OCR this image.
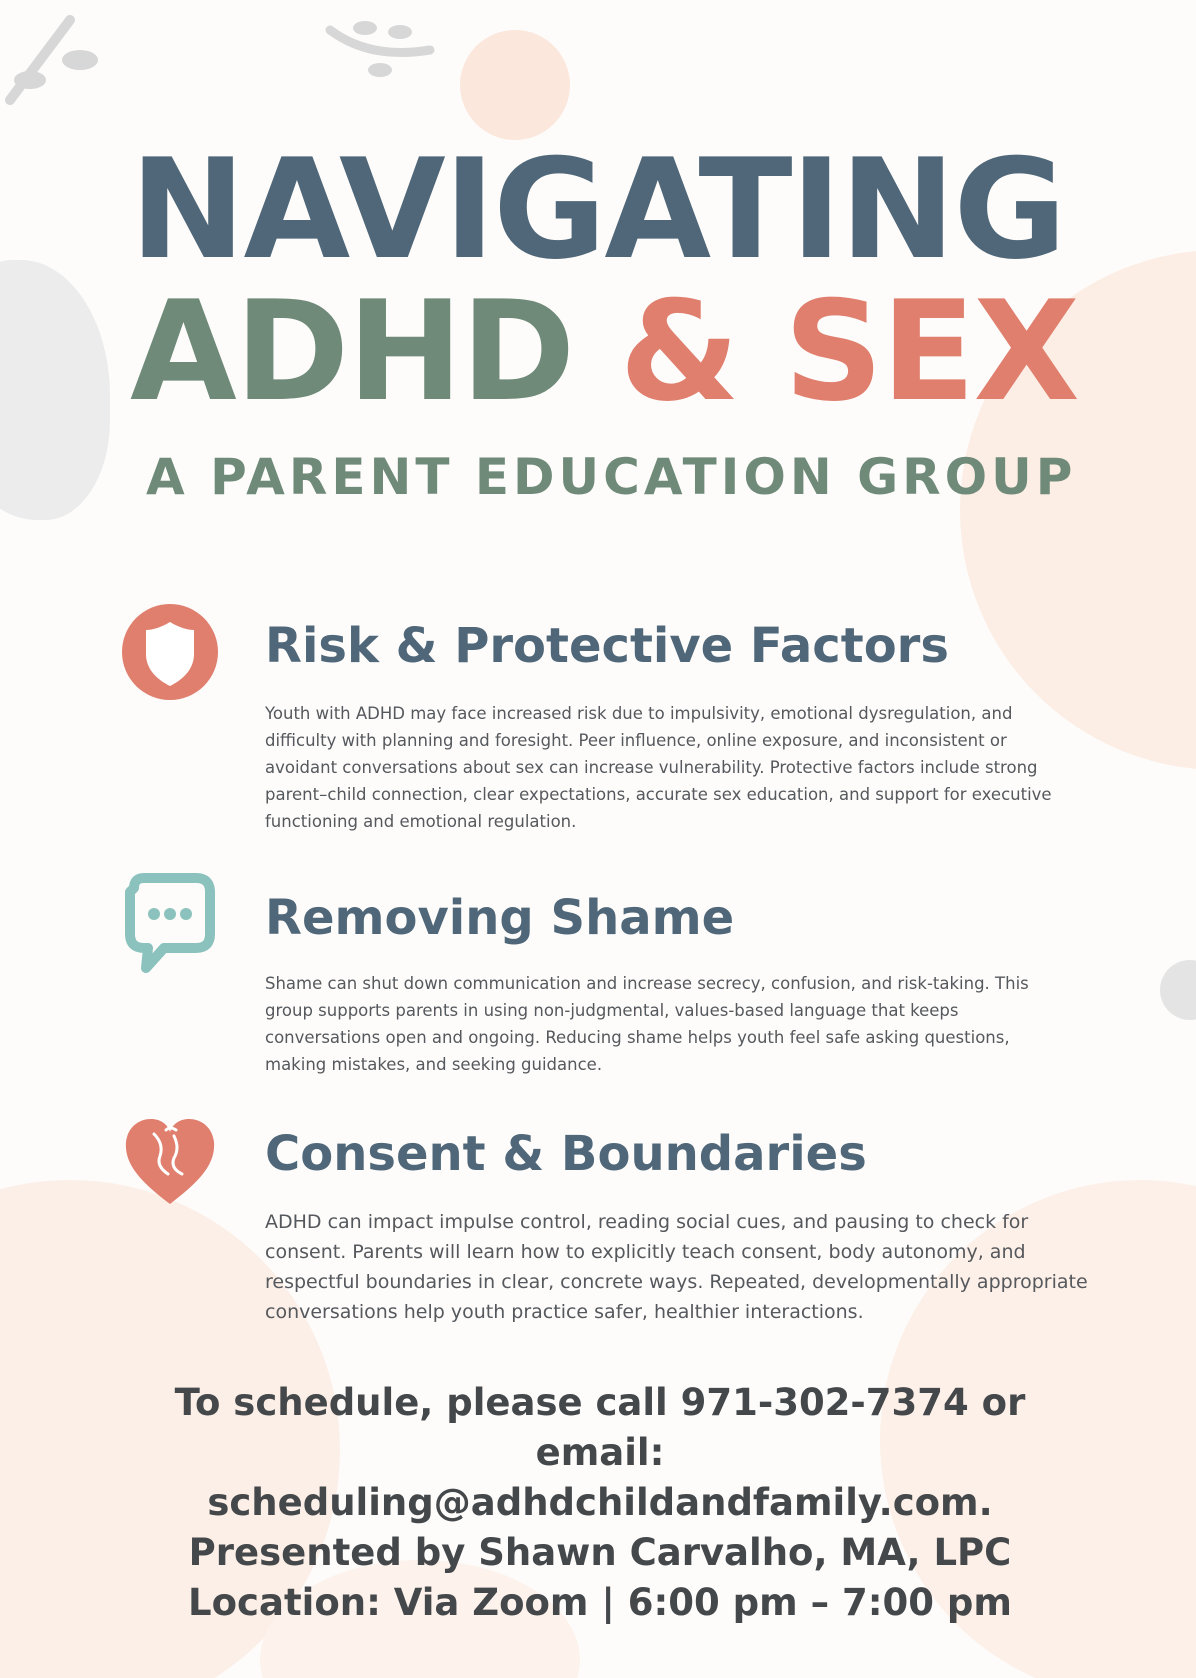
NAVIGATING
ADHD & SEX
A PARENT EDUCATION GROUP
Risk & Protective Factors
Youth with ADHD may face increased risk due to impulsivity, emotional dysregulation, and difficulty with planning and foresight. Peer influence, online exposure, and inconsistent or avoidant conversations about sex can increase vulnerability. Protective factors include strong parent–child connection, clear expectations, accurate sex education, and support for executive functioning and emotional regulation.
Removing Shame
Shame can shut down communication and increase secrecy, confusion, and risk-taking. This group supports parents in using non-judgmental, values-based language that keeps conversations open and ongoing. Reducing shame helps youth feel safe asking questions, making mistakes, and seeking guidance.
Consent & Boundaries
ADHD can impact impulse control, reading social cues, and pausing to check for consent. Parents will learn how to explicitly teach consent, body autonomy, and respectful boundaries in clear, concrete ways. Repeated, developmentally appropriate conversations help youth practice safer, healthier interactions.
To schedule, please call 971-302-7374 or
email:
scheduling@adhdchildandfamily.com.
Presented by Shawn Carvalho, MA, LPC
Location: Via Zoom | 6:00 pm – 7:00 pm
